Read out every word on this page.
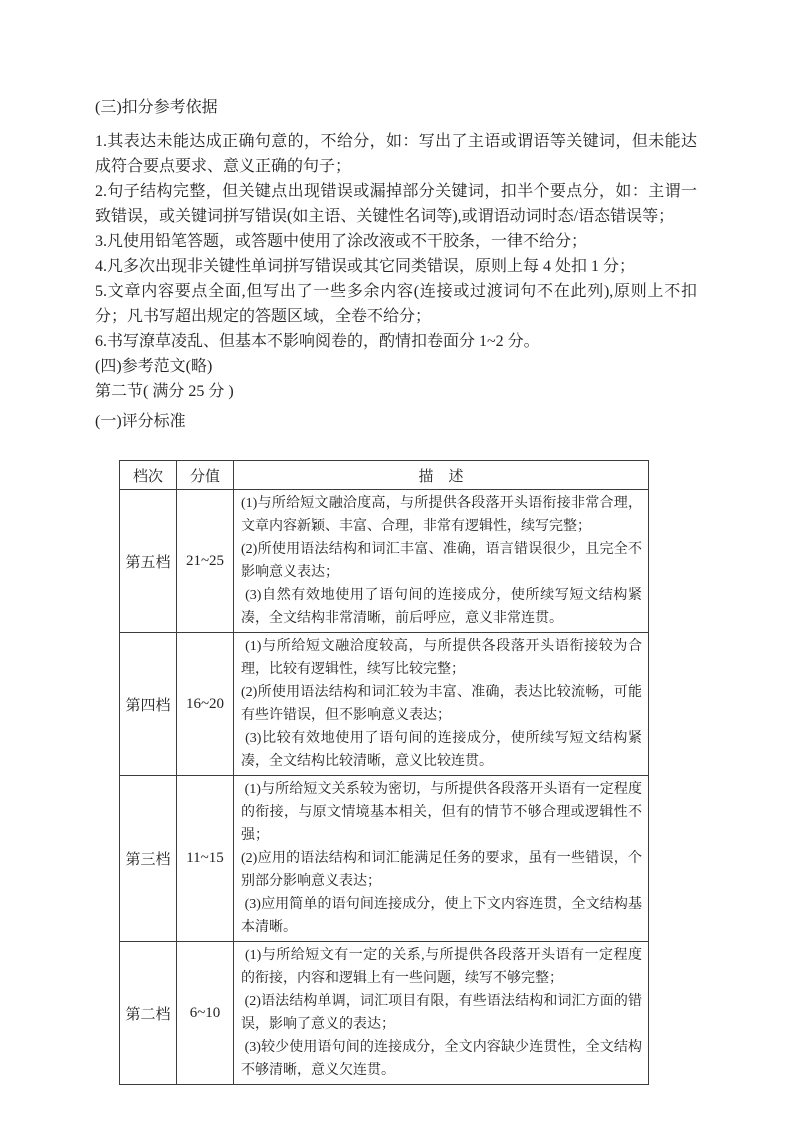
(三)扣分参考依据

1.其表达未能达成正确句意的，不给分，如：写出了主语或谓语等关键词，但未能达成符合要点要求、意义正确的句子；

2.句子结构完整，但关键点出现错误或漏掉部分关键词，扣半个要点分，如：主谓一致错误，或关键词拼写错误(如主语、关键性名词等),或谓语动词时态/语态错误等；

3.凡使用铅笔答题，或答题中使用了涂改液或不干胶条，一律不给分；

4.凡多次出现非关键性单词拼写错误或其它同类错误，原则上每 4 处扣 1 分；

5.文章内容要点全面,但写出了一些多余内容(连接或过渡词句不在此列),原则上不扣分；凡书写超出规定的答题区域，全卷不给分；

6.书写潦草凌乱、但基本不影响阅卷的，酌情扣卷面分 1~2 分。

(四)参考范文(略)

第二节( 满分 25 分 )

(一)评分标准

档次	分值	描　述
第五档	21~25	(1)与所给短文融洽度高，与所提供各段落开头语衔接非常合理，文章内容新颖、丰富、合理，非常有逻辑性，续写完整；

(2)所使用语法结构和词汇丰富、准确，语言错误很少，且完全不影响意义表达；

(3)自然有效地使用了语句间的连接成分，使所续写短文结构紧凑，全文结构非常清晰，前后呼应，意义非常连贯。

第四档	16~20	(1)与所给短文融洽度较高，与所提供各段落开头语衔接较为合理，比较有逻辑性，续写比较完整；

(2)所使用语法结构和词汇较为丰富、准确，表达比较流畅，可能有些许错误，但不影响意义表达；

(3)比较有效地使用了语句间的连接成分，使所续写短文结构紧凑，全文结构比较清晰，意义比较连贯。

第三档	11~15	(1)与所给短文关系较为密切，与所提供各段落开头语有一定程度的衔接，与原文情境基本相关，但有的情节不够合理或逻辑性不强；

(2)应用的语法结构和词汇能满足任务的要求，虽有一些错误，个别部分影响意义表达；

(3)应用简单的语句间连接成分，使上下文内容连贯，全文结构基本清晰。

第二档	6~10	(1)与所给短文有一定的关系,与所提供各段落开头语有一定程度的衔接，内容和逻辑上有一些问题，续写不够完整；

(2)语法结构单调，词汇项目有限，有些语法结构和词汇方面的错误，影响了意义的表达；

(3)较少使用语句间的连接成分，全文内容缺少连贯性，全文结构不够清晰，意义欠连贯。
